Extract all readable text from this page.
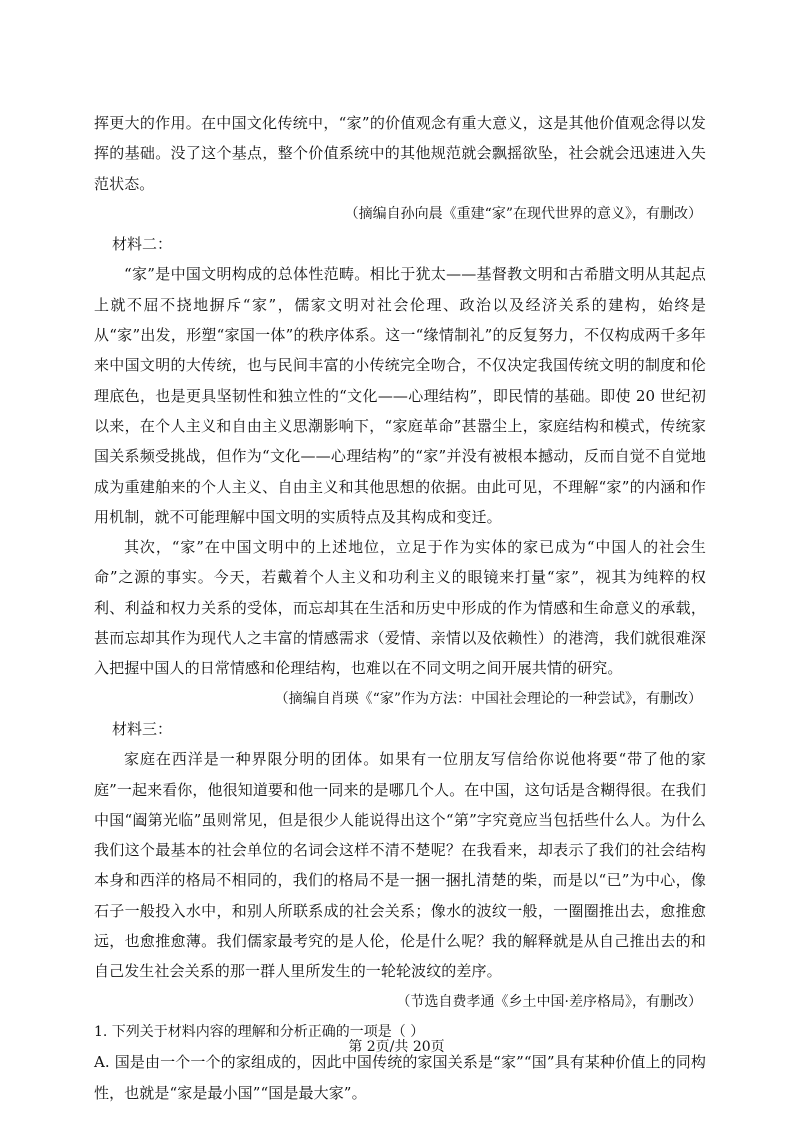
挥更大的作用。在中国文化传统中，“家”的价值观念有重大意义，这是其他价值观念得以发挥的基础。没了这个基点，整个价值系统中的其他规范就会飘摇欲坠，社会就会迅速进入失范状态。

（摘编自孙向晨《重建“家”在现代世界的意义》，有删改）

材料二：

“家”是中国文明构成的总体性范畴。相比于犹太——基督教文明和古希腊文明从其起点上就不屈不挠地摒斥“家”，儒家文明对社会伦理、政治以及经济关系的建构，始终是从“家”出发，形塑“家国一体”的秩序体系。这一“缘情制礼”的反复努力，不仅构成两千多年来中国文明的大传统，也与民间丰富的小传统完全吻合，不仅决定我国传统文明的制度和伦理底色，也是更具坚韧性和独立性的“文化——心理结构”，即民情的基础。即使 20 世纪初以来，在个人主义和自由主义思潮影响下，“家庭革命”甚嚣尘上，家庭结构和模式，传统家国关系频受挑战，但作为“文化——心理结构”的“家”并没有被根本撼动，反而自觉不自觉地成为重建舶来的个人主义、自由主义和其他思想的依据。由此可见，不理解“家”的内涵和作用机制，就不可能理解中国文明的实质特点及其构成和变迁。

其次，“家”在中国文明中的上述地位，立足于作为实体的家已成为“中国人的社会生命”之源的事实。今天，若戴着个人主义和功利主义的眼镜来打量“家”，视其为纯粹的权利、利益和权力关系的受体，而忘却其在生活和历史中形成的作为情感和生命意义的承载，甚而忘却其作为现代人之丰富的情感需求（爱情、亲情以及依赖性）的港湾，我们就很难深入把握中国人的日常情感和伦理结构，也难以在不同文明之间开展共情的研究。

（摘编自肖瑛《“家”作为方法：中国社会理论的一种尝试》，有删改）

材料三：

家庭在西洋是一种界限分明的团体。如果有一位朋友写信给你说他将要“带了他的家庭”一起来看你，他很知道要和他一同来的是哪几个人。在中国，这句话是含糊得很。在我们中国“阖第光临”虽则常见，但是很少人能说得出这个“第”字究竟应当包括些什么人。为什么我们这个最基本的社会单位的名词会这样不清不楚呢？在我看来，却表示了我们的社会结构本身和西洋的格局不相同的，我们的格局不是一捆一捆扎清楚的柴，而是以“已”为中心，像石子一般投入水中，和别人所联系成的社会关系；像水的波纹一般，一圈圈推出去，愈推愈远，也愈推愈薄。我们儒家最考究的是人伦，伦是什么呢？我的解释就是从自己推出去的和自己发生社会关系的那一群人里所发生的一轮轮波纹的差序。

（节选自费孝通《乡土中国·差序格局》，有删改）

1. 下列关于材料内容的理解和分析正确的一项是（ ）

A. 国是由一个一个的家组成的，因此中国传统的家国关系是“家”“国”具有某种价值上的同构性，也就是“家是最小国”“国是最大家”。

第 2页/共 20页
